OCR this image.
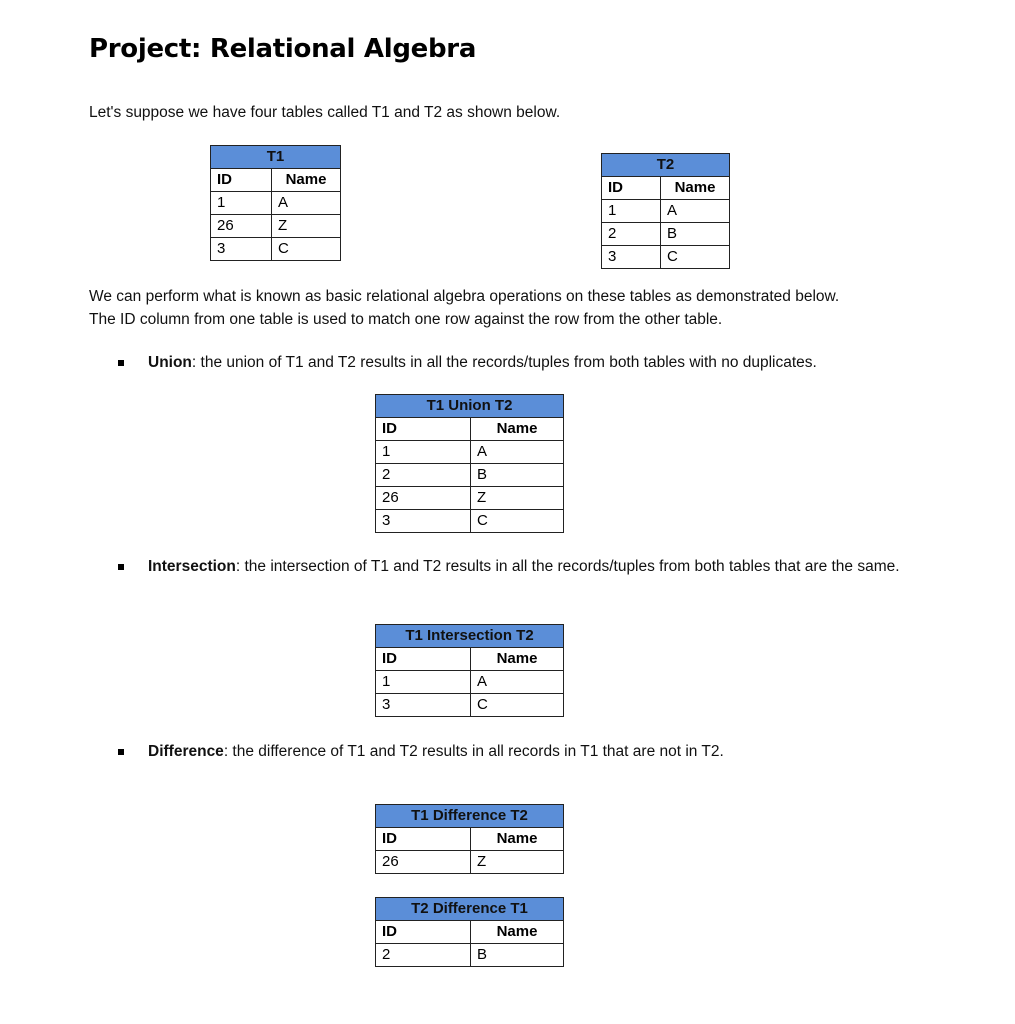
Project: Relational Algebra
Let's suppose we have four tables called T1 and T2 as shown below.
T1	
ID	Name
1	A
26	Z
3	C
T2	
ID	Name
1	A
2	B
3	C
We can perform what is known as basic relational algebra operations on these tables as demonstrated below.
The ID column from one table is used to match one row against the row from the other table.
Union: the union of T1 and T2 results in all the records/tuples from both tables with no duplicates.
T1 Union T2	
ID	Name
1	A
2	B
26	Z
3	C
Intersection: the intersection of T1 and T2 results in all the records/tuples from both tables that are the same.
T1 Intersection T2	
ID	Name
1	A
3	C
Difference: the difference of T1 and T2 results in all records in T1 that are not in T2.
T1 Difference T2	
ID	Name
26	Z
T2 Difference T1	
ID	Name
2	B
